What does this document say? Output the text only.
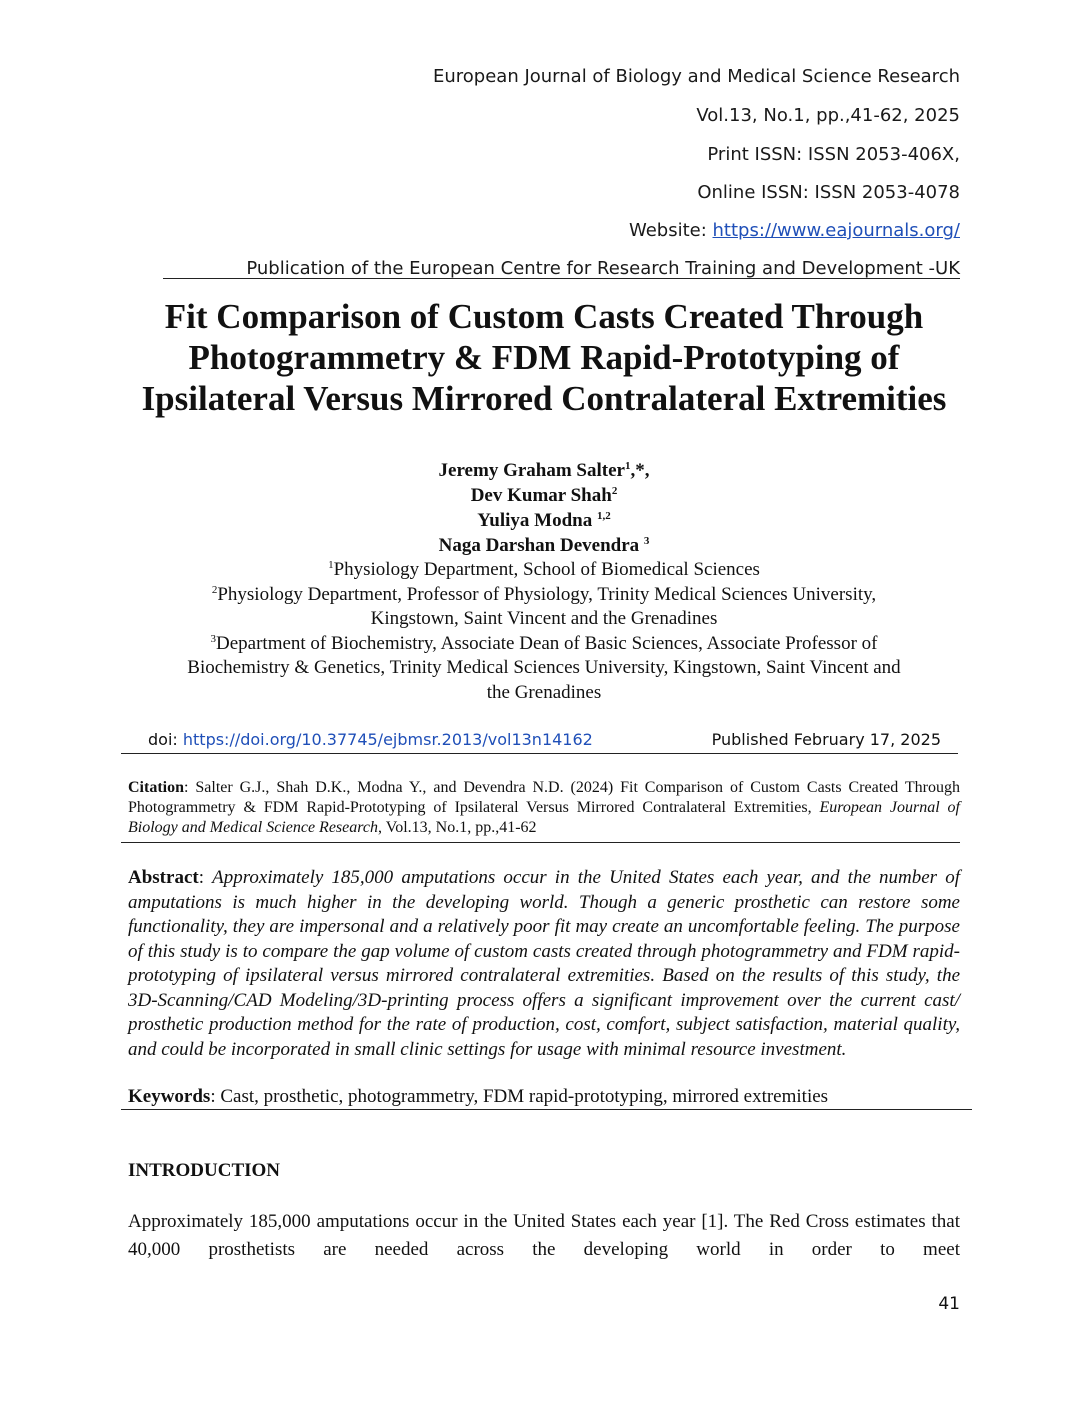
European Journal of Biology and Medical Science Research
Vol.13, No.1, pp.,41-62, 2025
Print ISSN: ISSN 2053-406X,
Online ISSN: ISSN 2053-4078
Website: https://www.eajournals.org/
Publication of the European Centre for Research Training and Development -UK
Fit Comparison of Custom Casts Created Through
Photogrammetry & FDM Rapid-Prototyping of
Ipsilateral Versus Mirrored Contralateral Extremities
Jeremy Graham Salter$^1$,*,
Dev Kumar Shah$^2$
Yuliya Modna $^{1,2}$
Naga Darshan Devendra $^3$
$^1$Physiology Department, School of Biomedical Sciences
$^2$Physiology Department, Professor of Physiology, Trinity Medical Sciences University,
Kingstown, Saint Vincent and the Grenadines
$^3$Department of Biochemistry, Associate Dean of Basic Sciences, Associate Professor of
Biochemistry & Genetics, Trinity Medical Sciences University, Kingstown, Saint Vincent and
the Grenadines
doi: https://doi.org/10.37745/ejbmsr.2013/vol13n14162	Published February 17, 2025
Citation: Salter G.J., Shah D.K., Modna Y., and Devendra N.D. (2024) Fit Comparison of Custom Casts Created Through Photogrammetry & FDM Rapid-Prototyping of Ipsilateral Versus Mirrored Contralateral Extremities, European Journal of Biology and Medical Science Research, Vol.13, No.1, pp.,41-62
Abstract: Approximately 185,000 amputations occur in the United States each year, and the number of amputations is much higher in the developing world. Though a generic prosthetic can restore some functionality, they are impersonal and a relatively poor fit may create an uncomfortable feeling. The purpose of this study is to compare the gap volume of custom casts created through photogrammetry and FDM rapid-prototyping of ipsilateral versus mirrored contralateral extremities. Based on the results of this study, the 3D-Scanning/CAD Modeling/3D-printing process offers a significant improvement over the current cast/ prosthetic production method for the rate of production, cost, comfort, subject satisfaction, material quality, and could be incorporated in small clinic settings for usage with minimal resource investment.
Keywords: Cast, prosthetic, photogrammetry, FDM rapid-prototyping, mirrored extremities
INTRODUCTION
Approximately 185,000 amputations occur in the United States each year [1]. The Red Cross estimates that 40,000 prosthetists are needed across the developing world in order to meet
41
